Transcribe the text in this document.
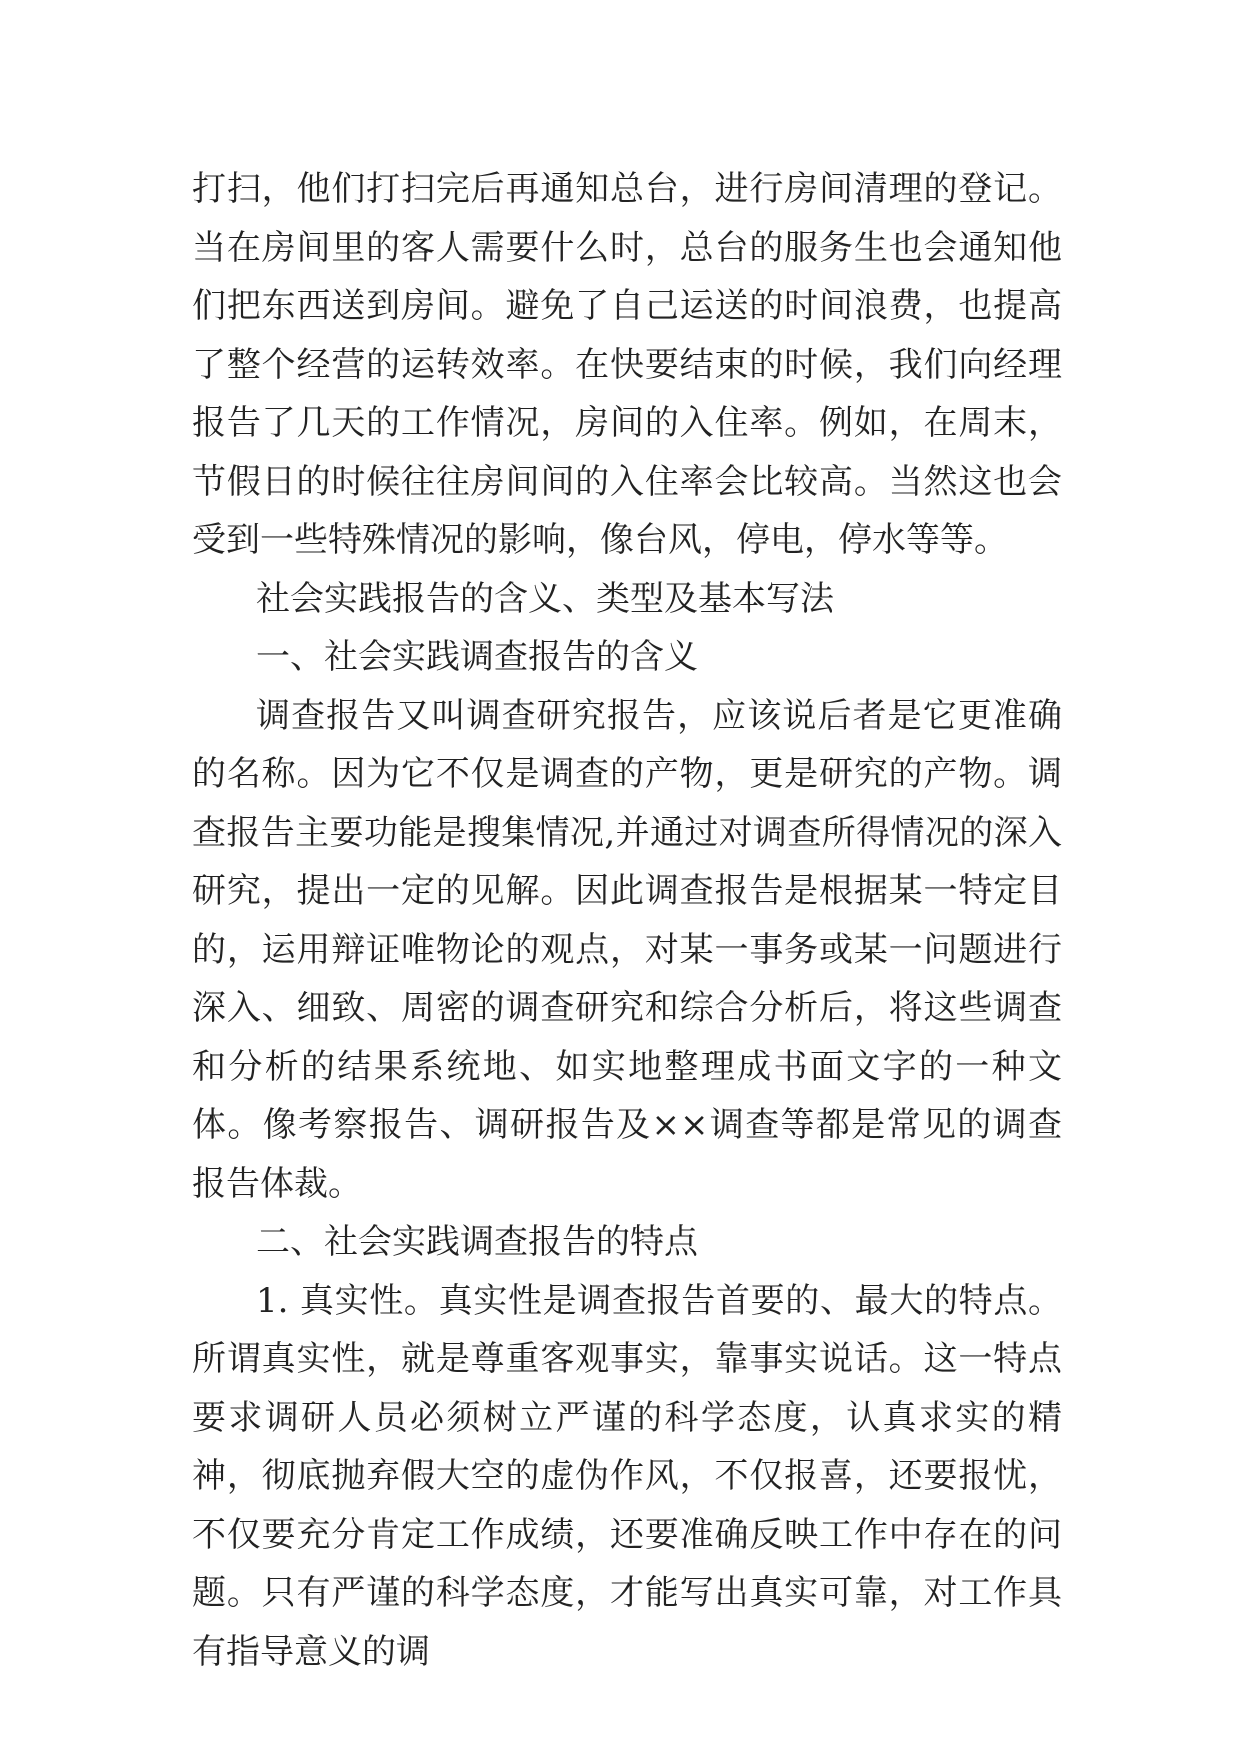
打扫，他们打扫完后再通知总台，进行房间清理的登记。当在房间里的客人需要什么时，总台的服务生也会通知他们把东西送到房间。避免了自己运送的时间浪费，也提高了整个经营的运转效率。在快要结束的时候，我们向经理报告了几天的工作情况，房间的入住率。例如，在周末，节假日的时候往往房间间的入住率会比较高。当然这也会受到一些特殊情况的影响，像台风，停电，停水等等。

社会实践报告的含义、类型及基本写法

一、社会实践调查报告的含义

调查报告又叫调查研究报告，应该说后者是它更准确的名称。因为它不仅是调查的产物，更是研究的产物。调查报告主要功能是搜集情况,并通过对调查所得情况的深入研究，提出一定的见解。因此调查报告是根据某一特定目的，运用辩证唯物论的观点，对某一事务或某一问题进行深入、细致、周密的调查研究和综合分析后，将这些调查和分析的结果系统地、如实地整理成书面文字的一种文体。像考察报告、调研报告及××调查等都是常见的调查报告体裁。

二、社会实践调查报告的特点

1. 真实性。真实性是调查报告首要的、最大的特点。所谓真实性，就是尊重客观事实，靠事实说话。这一特点要求调研人员必须树立严谨的科学态度，认真求实的精神，彻底抛弃假大空的虚伪作风，不仅报喜，还要报忧，不仅要充分肯定工作成绩，还要准确反映工作中存在的问题。只有严谨的科学态度，才能写出真实可靠，对工作具有指导意义的调
